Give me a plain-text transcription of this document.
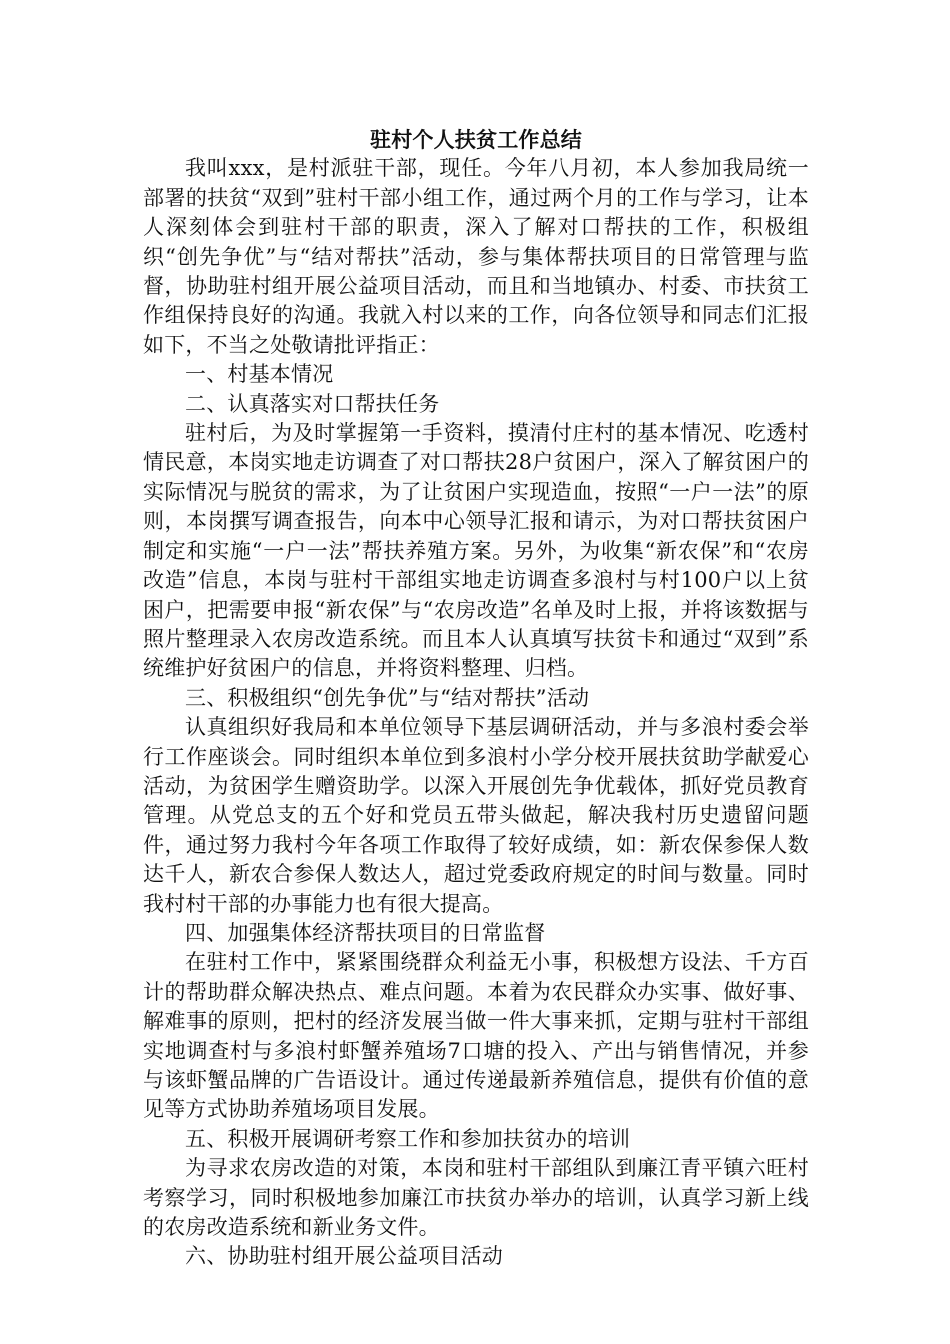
驻村个人扶贫工作总结

我叫xxx，是村派驻干部，现任。今年八月初，本人参加我局统一部署的扶贫“双到”驻村干部小组工作，通过两个月的工作与学习，让本人深刻体会到驻村干部的职责，深入了解对口帮扶的工作，积极组织“创先争优”与“结对帮扶”活动，参与集体帮扶项目的日常管理与监督，协助驻村组开展公益项目活动，而且和当地镇办、村委、市扶贫工作组保持良好的沟通。我就入村以来的工作，向各位领导和同志们汇报如下，不当之处敬请批评指正：

一、村基本情况

二、认真落实对口帮扶任务

驻村后，为及时掌握第一手资料，摸清付庄村的基本情况、吃透村情民意，本岗实地走访调查了对口帮扶28户贫困户，深入了解贫困户的实际情况与脱贫的需求，为了让贫困户实现造血，按照“一户一法”的原则，本岗撰写调查报告，向本中心领导汇报和请示，为对口帮扶贫困户制定和实施“一户一法”帮扶养殖方案。另外，为收集“新农保”和“农房改造”信息，本岗与驻村干部组实地走访调查多浪村与村100户以上贫困户，把需要申报“新农保”与“农房改造”名单及时上报，并将该数据与照片整理录入农房改造系统。而且本人认真填写扶贫卡和通过“双到”系统维护好贫困户的信息，并将资料整理、归档。

三、积极组织“创先争优”与“结对帮扶”活动

认真组织好我局和本单位领导下基层调研活动，并与多浪村委会举行工作座谈会。同时组织本单位到多浪村小学分校开展扶贫助学献爱心活动，为贫困学生赠资助学。以深入开展创先争优载体，抓好党员教育管理。从党总支的五个好和党员五带头做起，解决我村历史遗留问题件，通过努力我村今年各项工作取得了较好成绩，如：新农保参保人数达千人，新农合参保人数达人，超过党委政府规定的时间与数量。同时我村村干部的办事能力也有很大提高。

四、加强集体经济帮扶项目的日常监督

在驻村工作中，紧紧围绕群众利益无小事，积极想方设法、千方百计的帮助群众解决热点、难点问题。本着为农民群众办实事、做好事、解难事的原则，把村的经济发展当做一件大事来抓，定期与驻村干部组实地调查村与多浪村虾蟹养殖场7口塘的投入、产出与销售情况，并参与该虾蟹品牌的广告语设计。通过传递最新养殖信息，提供有价值的意见等方式协助养殖场项目发展。

五、积极开展调研考察工作和参加扶贫办的培训

为寻求农房改造的对策，本岗和驻村干部组队到廉江青平镇六旺村考察学习，同时积极地参加廉江市扶贫办举办的培训，认真学习新上线的农房改造系统和新业务文件。

六、协助驻村组开展公益项目活动
